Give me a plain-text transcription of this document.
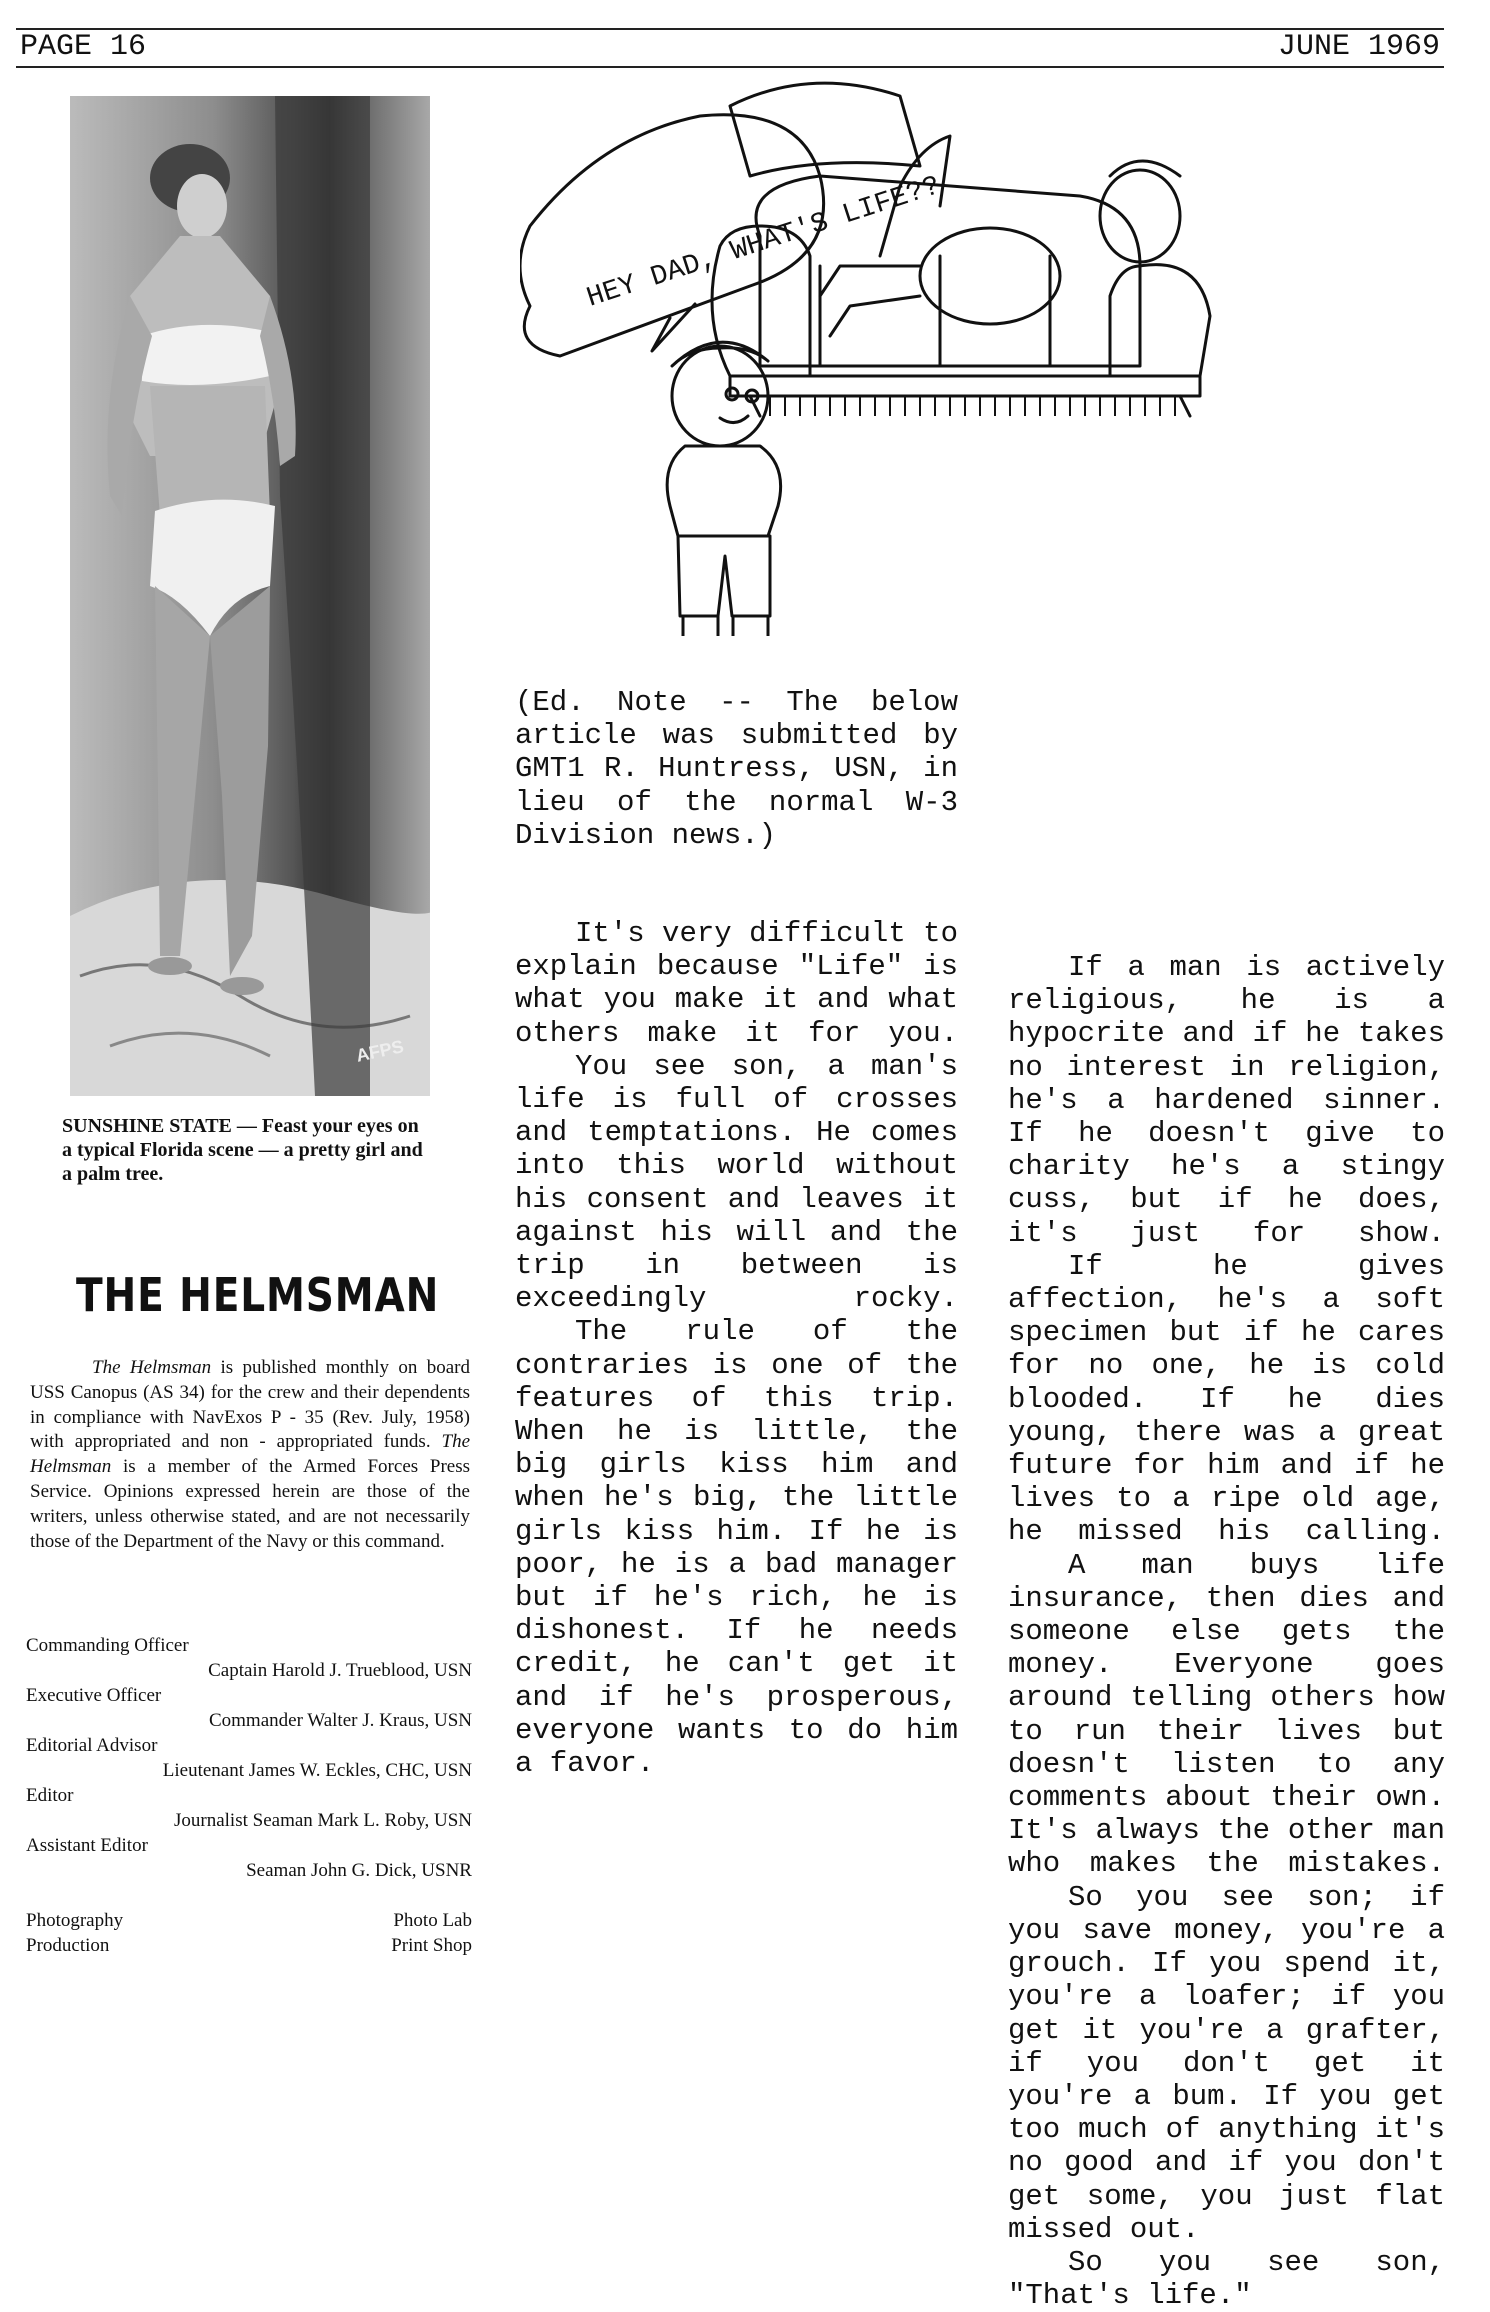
PAGE 16	JUNE 1969
AFPS
SUNSHINE STATE — Feast your eyes on a typical Florida scene — a pretty girl and a palm tree.
THE HELMSMAN
The Helmsman is published monthly on board USS Canopus (AS 34) for the crew and their dependents in compliance with NavExos P - 35 (Rev. July, 1958) with appropriated and non - appropriated funds. The Helmsman is a member of the Armed Forces Press Service. Opinions expressed herein are those of the writers, unless otherwise stated, and are not necessarily those of the Department of the Navy or this command.
Commanding Officer
Captain Harold J. Trueblood, USN
Executive Officer
Commander Walter J. Kraus, USN
Editorial Advisor
Lieutenant James W. Eckles, CHC, USN
Editor
Journalist Seaman Mark L. Roby, USN
Assistant Editor
Seaman John G. Dick, USNR
Photography	Photo Lab
Production	Print Shop
HEY DAD, WHAT'S LIFE??

(Ed. Note -- The below article was submitted by GMT1 R. Huntress, USN, in lieu of the normal W-3 Division news.)

It's very difficult to explain because "Life" is what you make it and what others make it for you.

You see son, a man's life is full of crosses and temptations. He comes into this world without his consent and leaves it against his will and the trip in between is exceedingly rocky.

The rule of the contraries is one of the features of this trip. When he is little, the big girls kiss him and when he's big, the little girls kiss him. If he is poor, he is a bad manager but if he's rich, he is dishonest. If he needs credit, he can't get it and if he's prosperous, everyone wants to do him a favor.

If a man is actively religious, he is a hypocrite and if he takes no interest in religion, he's a hardened sinner. If he doesn't give to charity he's a stingy cuss, but if he does, it's just for show.

If he gives affection, he's a soft specimen but if he cares for no one, he is cold blooded. If he dies young, there was a great future for him and if he lives to a ripe old age, he missed his calling.

A man buys life insurance, then dies and someone else gets the money. Everyone goes around telling others how to run their lives but doesn't listen to any comments about their own. It's always the other man who makes the mistakes.

So you see son; if you save money, you're a grouch. If you spend it, you're a loafer; if you get it you're a grafter, if you don't get it you're a bum. If you get too much of anything it's no good and if you don't get some, you just flat missed out.

So you see son, "That's life."
